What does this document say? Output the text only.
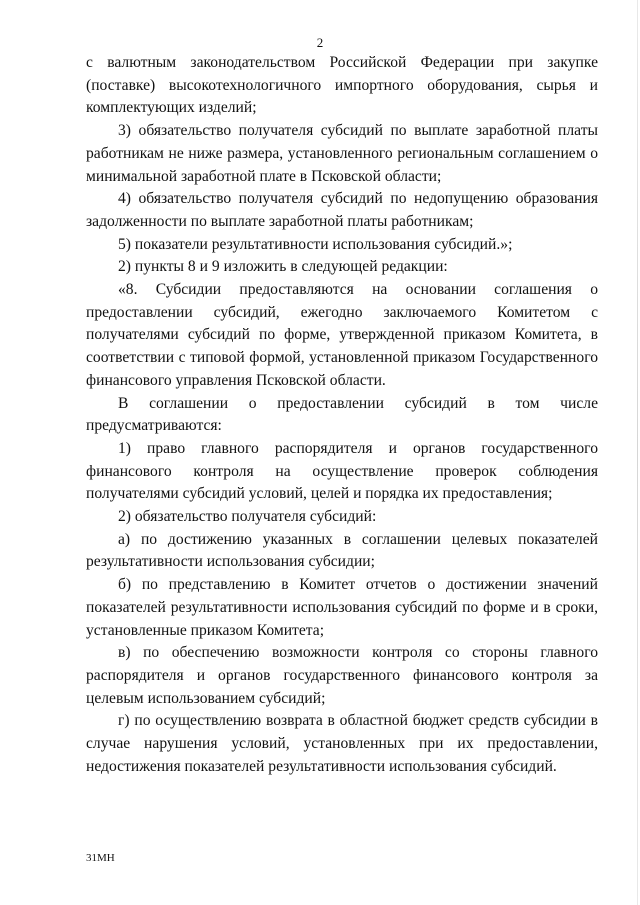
2

с валютным законодательством Российской Федерации при закупке (поставке) высокотехнологичного импортного оборудования, сырья и комплектующих изделий;

3) обязательство получателя субсидий по выплате заработной платы работникам не ниже размера, установленного региональным соглашением о минимальной заработной плате в Псковской области;

4) обязательство получателя субсидий по недопущению образования задолженности по выплате заработной платы работникам;

5) показатели результативности использования субсидий.»;

2) пункты 8 и 9 изложить в следующей редакции:

«8. Субсидии предоставляются на основании соглашения о предоставлении субсидий, ежегодно заключаемого Комитетом с получателями субсидий по форме, утвержденной приказом Комитета, в соответствии с типовой формой, установленной приказом Государственного финансового управления Псковской области.

В соглашении о предоставлении субсидий в том числе предусматриваются:

1) право главного распорядителя и органов государственного финансового контроля на осуществление проверок соблюдения получателями субсидий условий, целей и порядка их предоставления;

2) обязательство получателя субсидий:

а) по достижению указанных в соглашении целевых показателей результативности использования субсидии;

б) по представлению в Комитет отчетов о достижении значений показателей результативности использования субсидий по форме и в сроки, установленные приказом Комитета;

в) по обеспечению возможности контроля со стороны главного распорядителя и органов государственного финансового контроля за целевым использованием субсидий;

г) по осуществлению возврата в областной бюджет средств субсидии в случае нарушения условий, установленных при их предоставлении, недостижения показателей результативности использования субсидий.

31МН
